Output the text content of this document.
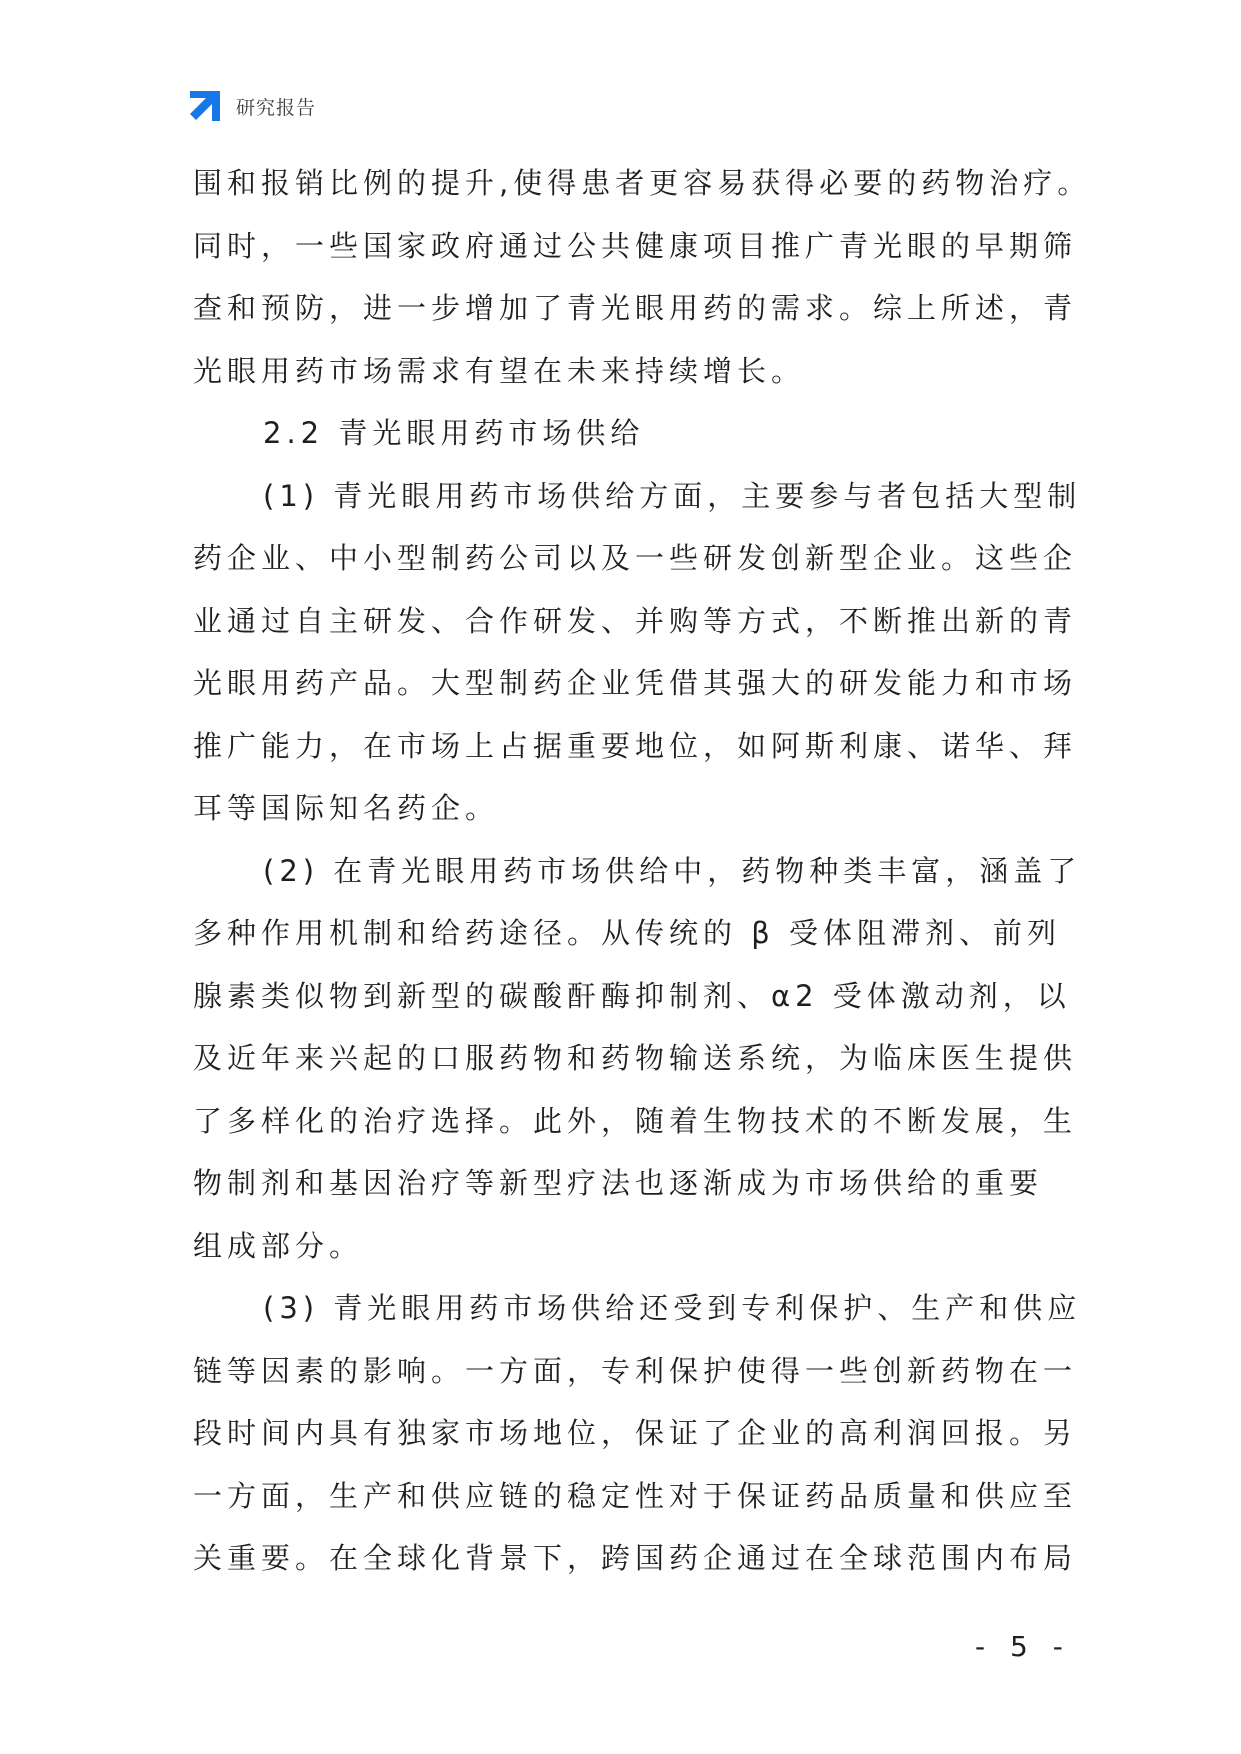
研究报告

围和报销比例的提升,使得患者更容易获得必要的药物治疗。

同时，一些国家政府通过公共健康项目推广青光眼的早期筛

查和预防，进一步增加了青光眼用药的需求。综上所述，青

光眼用药市场需求有望在未来持续增长。

2.2 青光眼用药市场供给

(1) 青光眼用药市场供给方面，主要参与者包括大型制

药企业、中小型制药公司以及一些研发创新型企业。这些企

业通过自主研发、合作研发、并购等方式，不断推出新的青

光眼用药产品。大型制药企业凭借其强大的研发能力和市场

推广能力，在市场上占据重要地位，如阿斯利康、诺华、拜

耳等国际知名药企。

(2) 在青光眼用药市场供给中，药物种类丰富，涵盖了

多种作用机制和给药途径。从传统的 β 受体阻滞剂、前列

腺素类似物到新型的碳酸酐酶抑制剂、α2 受体激动剂，以

及近年来兴起的口服药物和药物输送系统，为临床医生提供

了多样化的治疗选择。此外，随着生物技术的不断发展，生

物制剂和基因治疗等新型疗法也逐渐成为市场供给的重要

组成部分。

(3) 青光眼用药市场供给还受到专利保护、生产和供应

链等因素的影响。一方面，专利保护使得一些创新药物在一

段时间内具有独家市场地位，保证了企业的高利润回报。另

一方面，生产和供应链的稳定性对于保证药品质量和供应至

关重要。在全球化背景下，跨国药企通过在全球范围内布局

- 5 -
